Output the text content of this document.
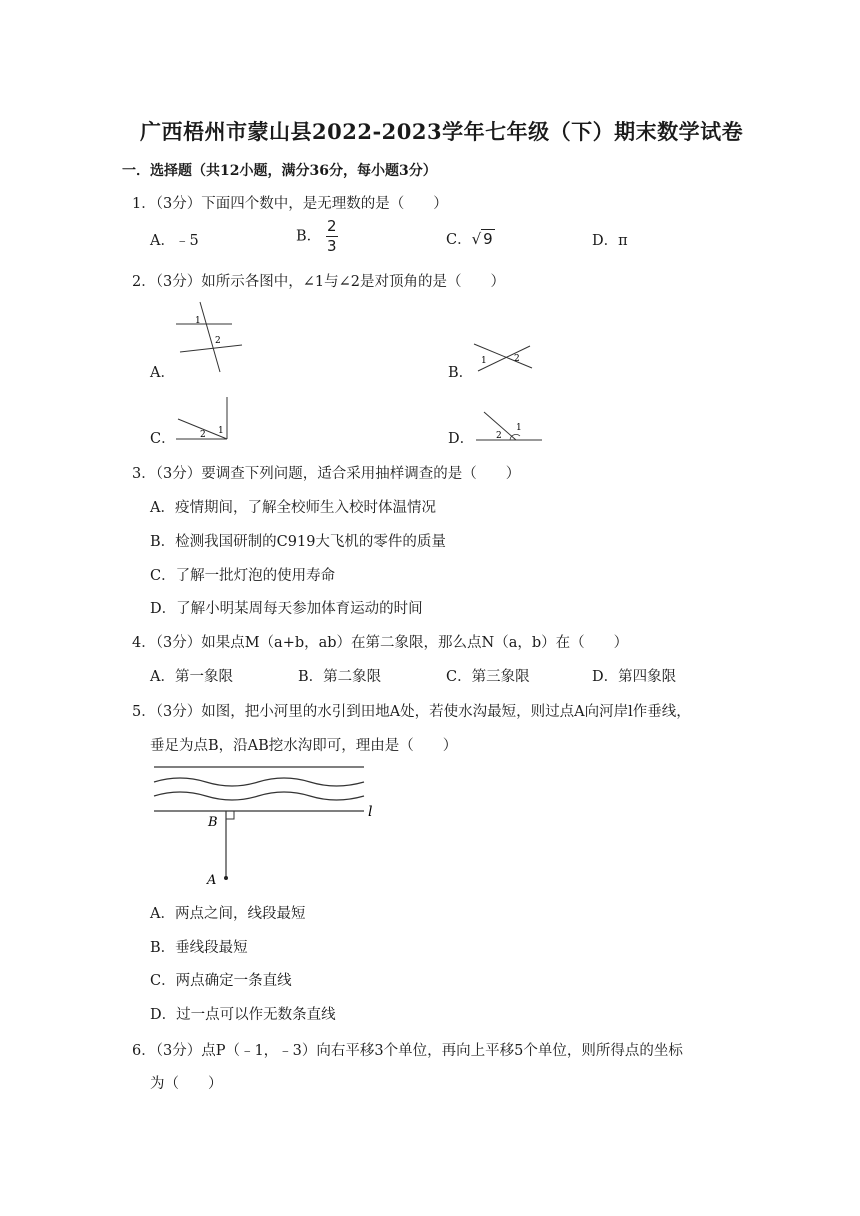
广西梧州市蒙山县2022-2023学年七年级（下）期末数学试卷
一．选择题（共12小题，满分36分，每小题3分）
1．（3分）下面四个数中，是无理数的是（　　）
A．﹣5	B． $\frac{2}{3}$	C．√ 9	D．π
2．（3分）如所示各图中，∠1与∠2是对顶角的是（　　）
A．
1
2
B．
1	2
C．	2 1	D． 2
1
3．（3分）要调查下列问题，适合采用抽样调查的是（　　）
A．疫情期间，了解全校师生入校时体温情况
B．检测我国研制的C919大飞机的零件的质量
C．了解一批灯泡的使用寿命
D．了解小明某周每天参加体育运动的时间
4．（3分）如果点M（a+b，ab）在第二象限，那么点N（a，b）在（　　）
A．第一象限	B．第二象限	C．第三象限	D．第四象限
5．（3分）如图，把小河里的水引到田地A处，若使水沟最短，则过点A向河岸l作垂线，
垂足为点B，沿AB挖水沟即可，理由是（　　）
l
B
A
A．两点之间，线段最短
B．垂线段最短
C．两点确定一条直线
D．过一点可以作无数条直线
6．（3分）点P（﹣1，﹣3）向右平移3个单位，再向上平移5个单位，则所得点的坐标
为（　　）
